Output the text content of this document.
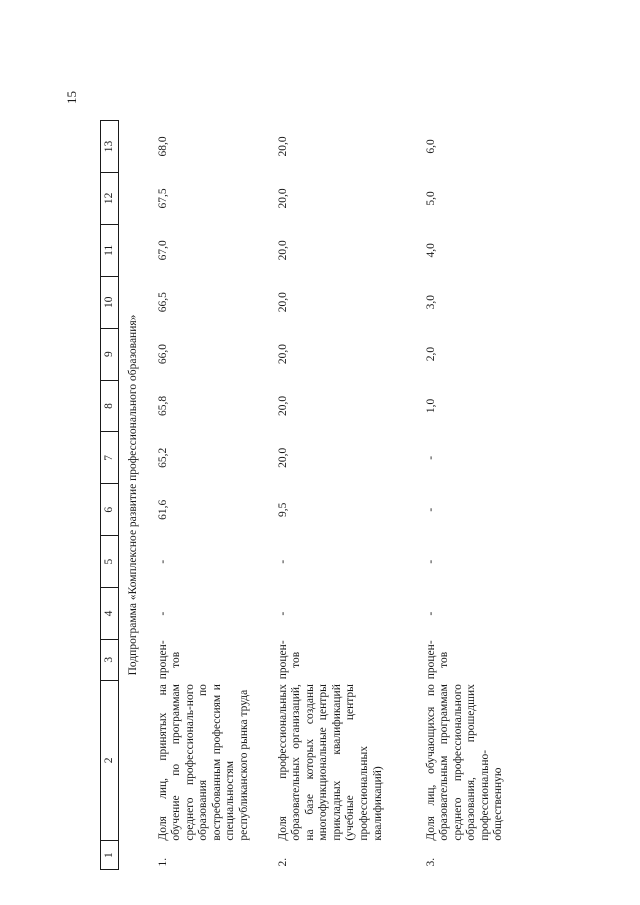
15
1	2	3	4	5	6	7	8	9	10	11	12	13
Подпрограмма «Комплексное развитие профессионального образования»												
1.	Доля лиц, принятых на обучение по программам среднего профессиональ-ного образования по востребованным профессиям и специальностям республиканского рынка труда	процен-тов	-	-	61,6	65,2	65,8	66,0	66,5	67,0	67,5	68,0
2.	Доля профессиональных образовательных организаций, на базе которых созданы многофункциональные центры прикладных квалификаций (учебные центры профессиональных квалификаций)	процен-тов	-	-	9,5	20,0	20,0	20,0	20,0	20,0	20,0	20,0
3.	Доля лиц, обучающихся по образовательным программам среднего профессионального образования, прошедших профессионально-общественную	процен-тов	-	-	-	-	1,0	2,0	3,0	4,0	5,0	6,0
